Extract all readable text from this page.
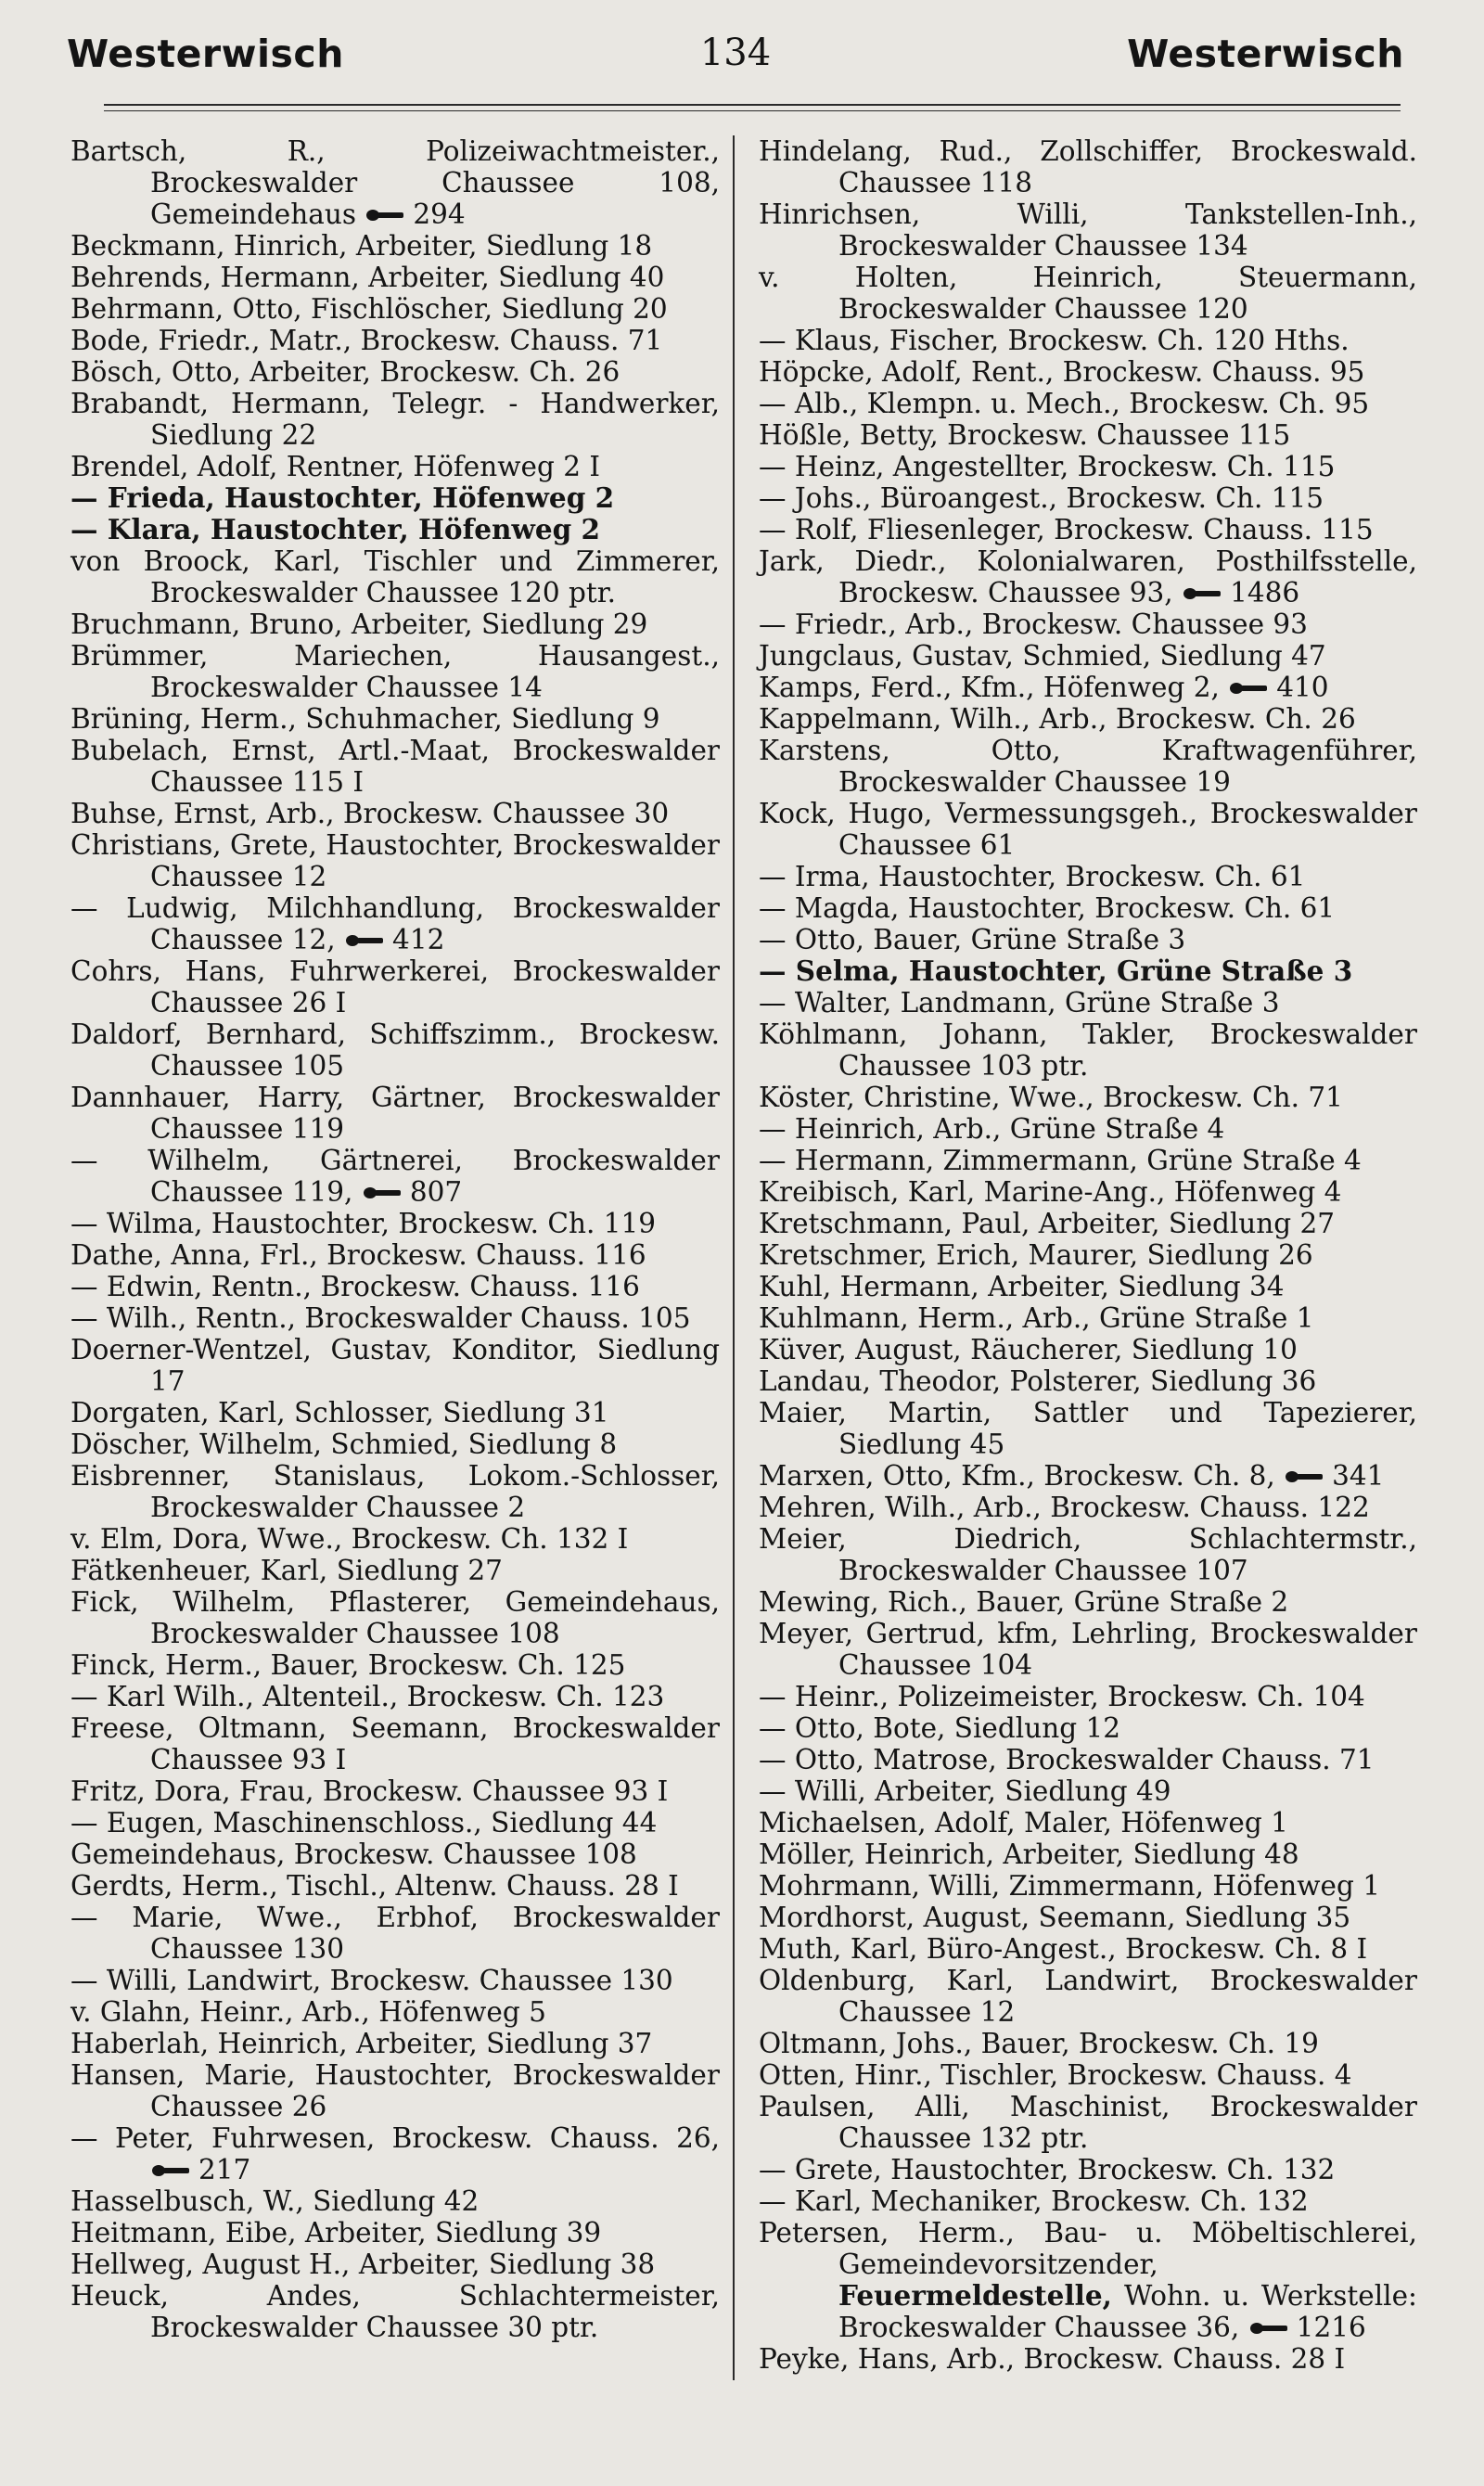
Westerwisch	134	Westerwisch
Bartsch, R., Polizeiwachtmeister., Brockeswalder Chaussee 108, Gemeindehaus 294
Beckmann, Hinrich, Arbeiter, Siedlung 18
Behrends, Hermann, Arbeiter, Siedlung 40
Behrmann, Otto, Fischlöscher, Siedlung 20
Bode, Friedr., Matr., Brockesw. Chauss. 71
Bösch, Otto, Arbeiter, Brockesw. Ch. 26
Brabandt, Hermann, Telegr. - Handwerker, Siedlung 22
Brendel, Adolf, Rentner, Höfenweg 2 I
— Frieda, Haustochter, Höfenweg 2
— Klara, Haustochter, Höfenweg 2
von Broock, Karl, Tischler und Zimmerer, Brockeswalder Chaussee 120 ptr.
Bruchmann, Bruno, Arbeiter, Siedlung 29
Brümmer, Mariechen, Hausangest., Brockeswalder Chaussee 14
Brüning, Herm., Schuhmacher, Siedlung 9
Bubelach, Ernst, Artl.-Maat, Brockeswalder Chaussee 115 I
Buhse, Ernst, Arb., Brockesw. Chaussee 30
Christians, Grete, Haustochter, Brockeswalder Chaussee 12
— Ludwig, Milchhandlung, Brockeswalder Chaussee 12, 412
Cohrs, Hans, Fuhrwerkerei, Brockeswalder Chaussee 26 I
Daldorf, Bernhard, Schiffszimm., Brockesw. Chaussee 105
Dannhauer, Harry, Gärtner, Brockeswalder Chaussee 119
— Wilhelm, Gärtnerei, Brockeswalder Chaussee 119, 807
— Wilma, Haustochter, Brockesw. Ch. 119
Dathe, Anna, Frl., Brockesw. Chauss. 116
— Edwin, Rentn., Brockesw. Chauss. 116
— Wilh., Rentn., Brockeswalder Chauss. 105
Doerner-Wentzel, Gustav, Konditor, Siedlung 17
Dorgaten, Karl, Schlosser, Siedlung 31
Döscher, Wilhelm, Schmied, Siedlung 8
Eisbrenner, Stanislaus, Lokom.-Schlosser, Brockeswalder Chaussee 2
v. Elm, Dora, Wwe., Brockesw. Ch. 132 I
Fätkenheuer, Karl, Siedlung 27
Fick, Wilhelm, Pflasterer, Gemeindehaus, Brockeswalder Chaussee 108
Finck, Herm., Bauer, Brockesw. Ch. 125
— Karl Wilh., Altenteil., Brockesw. Ch. 123
Freese, Oltmann, Seemann, Brockeswalder Chaussee 93 I
Fritz, Dora, Frau, Brockesw. Chaussee 93 I
— Eugen, Maschinenschloss., Siedlung 44
Gemeindehaus, Brockesw. Chaussee 108
Gerdts, Herm., Tischl., Altenw. Chauss. 28 I
— Marie, Wwe., Erbhof, Brockeswalder Chaussee 130
— Willi, Landwirt, Brockesw. Chaussee 130
v. Glahn, Heinr., Arb., Höfenweg 5
Haberlah, Heinrich, Arbeiter, Siedlung 37
Hansen, Marie, Haustochter, Brockeswalder Chaussee 26
— Peter, Fuhrwesen, Brockesw. Chauss. 26, 217
Hasselbusch, W., Siedlung 42
Heitmann, Eibe, Arbeiter, Siedlung 39
Hellweg, August H., Arbeiter, Siedlung 38
Heuck, Andes, Schlachtermeister, Brockeswalder Chaussee 30 ptr.
Hindelang, Rud., Zollschiffer, Brockeswald. Chaussee 118
Hinrichsen, Willi, Tankstellen-Inh., Brockeswalder Chaussee 134
v. Holten, Heinrich, Steuermann, Brockeswalder Chaussee 120
— Klaus, Fischer, Brockesw. Ch. 120 Hths.
Höpcke, Adolf, Rent., Brockesw. Chauss. 95
— Alb., Klempn. u. Mech., Brockesw. Ch. 95
Hößle, Betty, Brockesw. Chaussee 115
— Heinz, Angestellter, Brockesw. Ch. 115
— Johs., Büroangest., Brockesw. Ch. 115
— Rolf, Fliesenleger, Brockesw. Chauss. 115
Jark, Diedr., Kolonialwaren, Posthilfsstelle, Brockesw. Chaussee 93, 1486
— Friedr., Arb., Brockesw. Chaussee 93
Jungclaus, Gustav, Schmied, Siedlung 47
Kamps, Ferd., Kfm., Höfenweg 2, 410
Kappelmann, Wilh., Arb., Brockesw. Ch. 26
Karstens, Otto, Kraftwagenführer, Brockeswalder Chaussee 19
Kock, Hugo, Vermessungsgeh., Brockeswalder Chaussee 61
— Irma, Haustochter, Brockesw. Ch. 61
— Magda, Haustochter, Brockesw. Ch. 61
— Otto, Bauer, Grüne Straße 3
— Selma, Haustochter, Grüne Straße 3
— Walter, Landmann, Grüne Straße 3
Köhlmann, Johann, Takler, Brockeswalder Chaussee 103 ptr.
Köster, Christine, Wwe., Brockesw. Ch. 71
— Heinrich, Arb., Grüne Straße 4
— Hermann, Zimmermann, Grüne Straße 4
Kreibisch, Karl, Marine-Ang., Höfenweg 4
Kretschmann, Paul, Arbeiter, Siedlung 27
Kretschmer, Erich, Maurer, Siedlung 26
Kuhl, Hermann, Arbeiter, Siedlung 34
Kuhlmann, Herm., Arb., Grüne Straße 1
Küver, August, Räucherer, Siedlung 10
Landau, Theodor, Polsterer, Siedlung 36
Maier, Martin, Sattler und Tapezierer, Siedlung 45
Marxen, Otto, Kfm., Brockesw. Ch. 8, 341
Mehren, Wilh., Arb., Brockesw. Chauss. 122
Meier, Diedrich, Schlachtermstr., Brockeswalder Chaussee 107
Mewing, Rich., Bauer, Grüne Straße 2
Meyer, Gertrud, kfm, Lehrling, Brockeswalder Chaussee 104
— Heinr., Polizeimeister, Brockesw. Ch. 104
— Otto, Bote, Siedlung 12
— Otto, Matrose, Brockeswalder Chauss. 71
— Willi, Arbeiter, Siedlung 49
Michaelsen, Adolf, Maler, Höfenweg 1
Möller, Heinrich, Arbeiter, Siedlung 48
Mohrmann, Willi, Zimmermann, Höfenweg 1
Mordhorst, August, Seemann, Siedlung 35
Muth, Karl, Büro-Angest., Brockesw. Ch. 8 I
Oldenburg, Karl, Landwirt, Brockeswalder Chaussee 12
Oltmann, Johs., Bauer, Brockesw. Ch. 19
Otten, Hinr., Tischler, Brockesw. Chauss. 4
Paulsen, Alli, Maschinist, Brockeswalder Chaussee 132 ptr.
— Grete, Haustochter, Brockesw. Ch. 132
— Karl, Mechaniker, Brockesw. Ch. 132
Petersen, Herm., Bau- u. Möbeltischlerei, Gemeindevorsitzender, Feuermeldestelle, Wohn. u. Werkstelle: Brockeswalder Chaussee 36, 1216
Peyke, Hans, Arb., Brockesw. Chauss. 28 I
